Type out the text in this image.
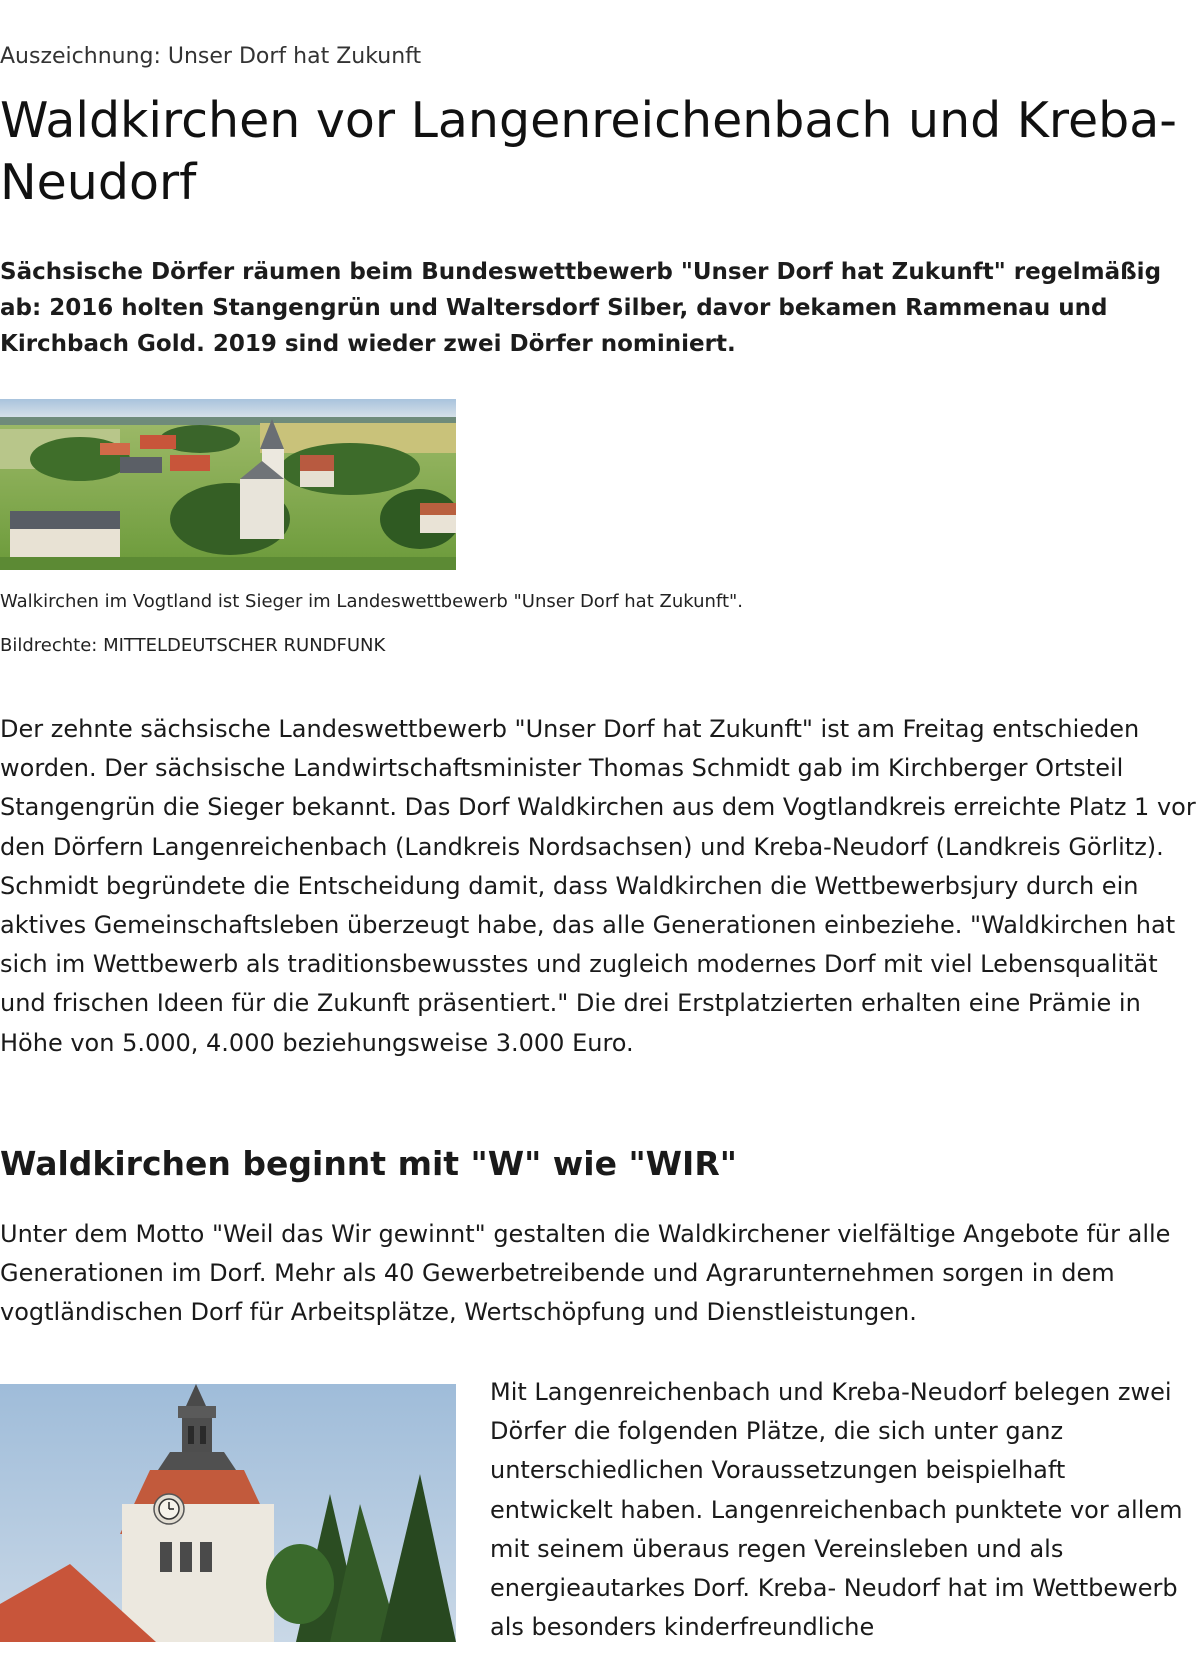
Auszeichnung: Unser Dorf hat Zukunft
Waldkirchen vor Langenreichenbach und Kreba-Neudorf

Sächsische Dörfer räumen beim Bundeswettbewerb "Unser Dorf hat Zukunft" regelmäßig ab: 2016 holten Stangengrün und Waltersdorf Silber, davor bekamen Rammenau und Kirchbach Gold. 2019 sind wieder zwei Dörfer nominiert.

Walkirchen im Vogtland ist Sieger im Landeswettbewerb "Unser Dorf hat Zukunft".
Bildrechte: MITTELDEUTSCHER RUNDFUNK

Der zehnte sächsische Landeswettbewerb "Unser Dorf hat Zukunft" ist am Freitag entschieden worden. Der sächsische Landwirtschaftsminister Thomas Schmidt gab im Kirchberger Ortsteil Stangengrün die Sieger bekannt. Das Dorf Waldkirchen aus dem Vogtlandkreis erreichte Platz 1 vor den Dörfern Langenreichenbach (Landkreis Nordsachsen) und Kreba-Neudorf (Landkreis Görlitz). Schmidt begründete die Entscheidung damit, dass Waldkirchen die Wettbewerbsjury durch ein aktives Gemeinschaftsleben überzeugt habe, das alle Generationen einbeziehe. "Waldkirchen hat sich im Wettbewerb als traditionsbewusstes und zugleich modernes Dorf mit viel Lebensqualität und frischen Ideen für die Zukunft präsentiert." Die drei Erstplatzierten erhalten eine Prämie in Höhe von 5.000, 4.000 beziehungsweise 3.000 Euro.

Waldkirchen beginnt mit "W" wie "WIR"

Unter dem Motto "Weil das Wir gewinnt" gestalten die Waldkirchener vielfältige Angebote für alle Generationen im Dorf. Mehr als 40 Gewerbetreibende und Agrarunternehmen sorgen in dem vogtländischen Dorf für Arbeitsplätze, Wertschöpfung und Dienstleistungen.

Mit Langenreichenbach und Kreba-Neudorf belegen zwei Dörfer die folgenden Plätze, die sich unter ganz unterschiedlichen Voraussetzungen beispielhaft entwickelt haben. Langenreichenbach punktete vor allem mit seinem überaus regen Vereinsleben und als energieautarkes Dorf. Kreba- Neudorf hat im Wettbewerb als besonders kinderfreundliche
